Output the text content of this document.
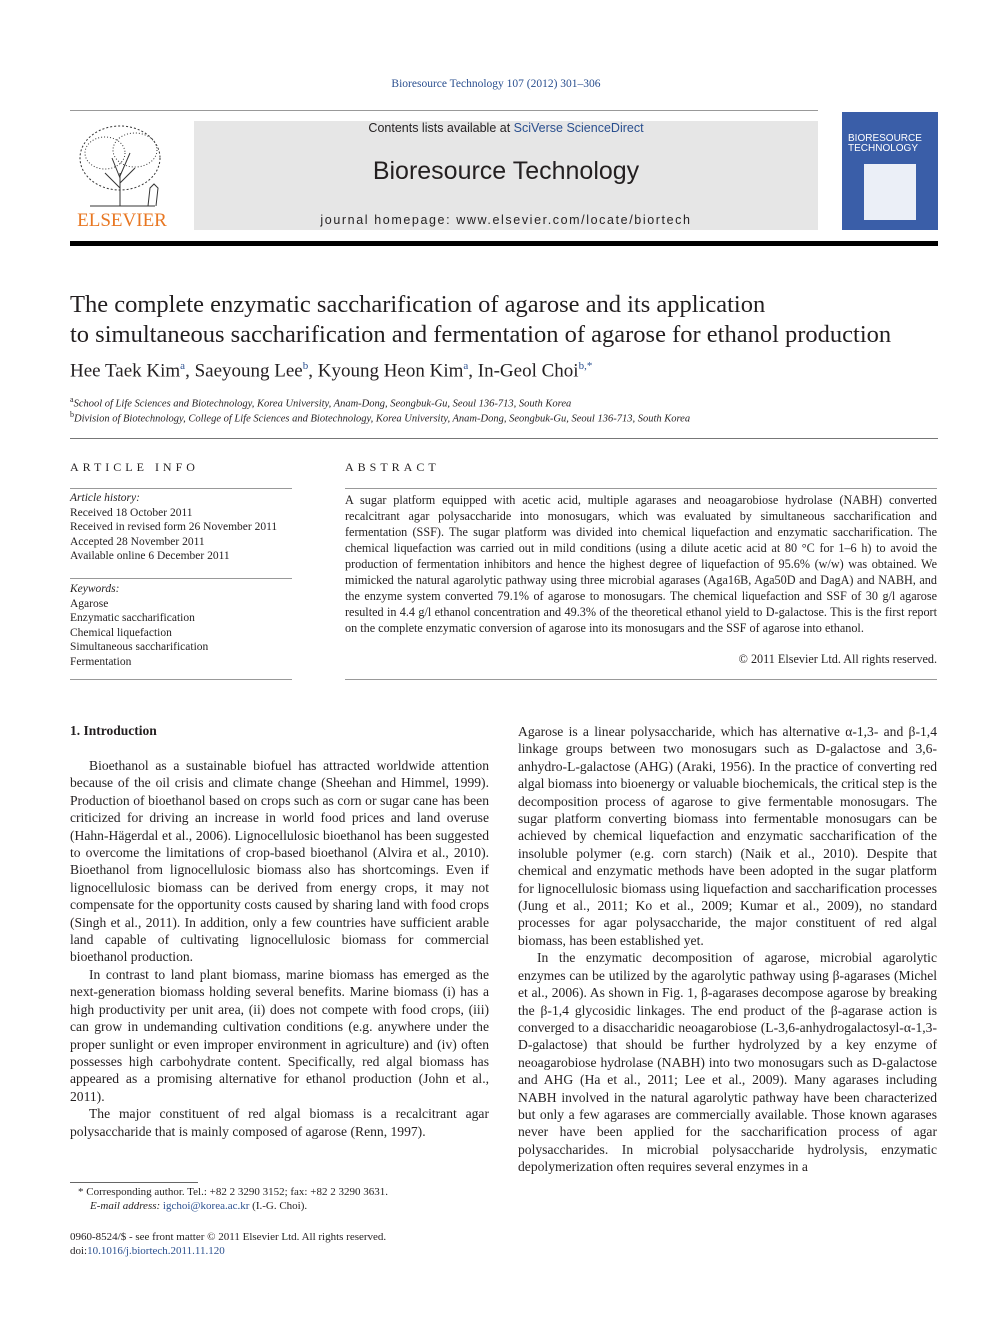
Bioresource Technology 107 (2012) 301–306
ELSEVIER
Contents lists available at SciVerse ScienceDirect
Bioresource Technology
journal homepage: www.elsevier.com/locate/biortech
BIORESOURCE TECHNOLOGY
The complete enzymatic saccharification of agarose and its application
to simultaneous saccharification and fermentation of agarose for ethanol production
Hee Taek Kim$^a$, Saeyoung Lee$^b$, Kyoung Heon Kim$^a$, In-Geol Choi$^{b,*}$
$^a$School of Life Sciences and Biotechnology, Korea University, Anam-Dong, Seongbuk-Gu, Seoul 136-713, South Korea
$^b$Division of Biotechnology, College of Life Sciences and Biotechnology, Korea University, Anam-Dong, Seongbuk-Gu, Seoul 136-713, South Korea
ARTICLE INFO
Article history:
Received 18 October 2011
Received in revised form 26 November 2011
Accepted 28 November 2011
Available online 6 December 2011
Keywords:
Agarose
Enzymatic saccharification
Chemical liquefaction
Simultaneous saccharification
Fermentation
ABSTRACT
A sugar platform equipped with acetic acid, multiple agarases and neoagarobiose hydrolase (NABH) converted recalcitrant agar polysaccharide into monosugars, which was evaluated by simultaneous saccharification and fermentation (SSF). The sugar platform was divided into chemical liquefaction and enzymatic saccharification. The chemical liquefaction was carried out in mild conditions (using a dilute acetic acid at 80 °C for 1–6 h) to avoid the production of fermentation inhibitors and hence the highest degree of liquefaction of 95.6% (w/w) was obtained. We mimicked the natural agarolytic pathway using three microbial agarases (Aga16B, Aga50D and DagA) and NABH, and the enzyme system converted 79.1% of agarose to monosugars. The chemical liquefaction and SSF of 30 g/l agarose resulted in 4.4 g/l ethanol concentration and 49.3% of the theoretical ethanol yield to D-galactose. This is the first report on the complete enzymatic conversion of agarose into its monosugars and the SSF of agarose into ethanol.
© 2011 Elsevier Ltd. All rights reserved.
1. Introduction

Bioethanol as a sustainable biofuel has attracted worldwide attention because of the oil crisis and climate change (Sheehan and Himmel, 1999). Production of bioethanol based on crops such as corn or sugar cane has been criticized for driving an increase in world food prices and land overuse (Hahn-Hägerdal et al., 2006). Lignocellulosic bioethanol has been suggested to overcome the limitations of crop-based bioethanol (Alvira et al., 2010). Bioethanol from lignocellulosic biomass also has shortcomings. Even if lignocellulosic biomass can be derived from energy crops, it may not compensate for the opportunity costs caused by sharing land with food crops (Singh et al., 2011). In addition, only a few countries have sufficient arable land capable of cultivating lignocellulosic biomass for commercial bioethanol production.

In contrast to land plant biomass, marine biomass has emerged as the next-generation biomass holding several benefits. Marine biomass (i) has a high productivity per unit area, (ii) does not compete with food crops, (iii) can grow in undemanding cultivation conditions (e.g. anywhere under the proper sunlight or even improper environment in agriculture) and (iv) often possesses high carbohydrate content. Specifically, red algal biomass has appeared as a promising alternative for ethanol production (John et al., 2011).

The major constituent of red algal biomass is a recalcitrant agar polysaccharide that is mainly composed of agarose (Renn, 1997).

Agarose is a linear polysaccharide, which has alternative α-1,3- and β-1,4 linkage groups between two monosugars such as D-galactose and 3,6-anhydro-L-galactose (AHG) (Araki, 1956). In the practice of converting red algal biomass into bioenergy or valuable biochemicals, the critical step is the decomposition process of agarose to give fermentable monosugars. The sugar platform converting biomass into fermentable monosugars can be achieved by chemical liquefaction and enzymatic saccharification of the insoluble polymer (e.g. corn starch) (Naik et al., 2010). Despite that chemical and enzymatic methods have been adopted in the sugar platform for lignocellulosic biomass using liquefaction and saccharification processes (Jung et al., 2011; Ko et al., 2009; Kumar et al., 2009), no standard processes for agar polysaccharide, the major constituent of red algal biomass, has been established yet.

In the enzymatic decomposition of agarose, microbial agarolytic enzymes can be utilized by the agarolytic pathway using β-agarases (Michel et al., 2006). As shown in Fig. 1, β-agarases decompose agarose by breaking the β-1,4 glycosidic linkages. The end product of the β-agarase action is converged to a disaccharidic neoagarobiose (L-3,6-anhydrogalactosyl-α-1,3-D-galactose) that should be further hydrolyzed by a key enzyme of neoagarobiose hydrolase (NABH) into two monosugars such as D-galactose and AHG (Ha et al., 2011; Lee et al., 2009). Many agarases including NABH involved in the natural agarolytic pathway have been characterized but only a few agarases are commercially available. Those known agarases never have been applied for the saccharification process of agar polysaccharides. In microbial polysaccharide hydrolysis, enzymatic depolymerization often requires several enzymes in a

* Corresponding author. Tel.: +82 2 3290 3152; fax: +82 2 3290 3631.
E-mail address: igchoi@korea.ac.kr (I.-G. Choi).
0960-8524/$ - see front matter © 2011 Elsevier Ltd. All rights reserved.
doi:10.1016/j.biortech.2011.11.120
